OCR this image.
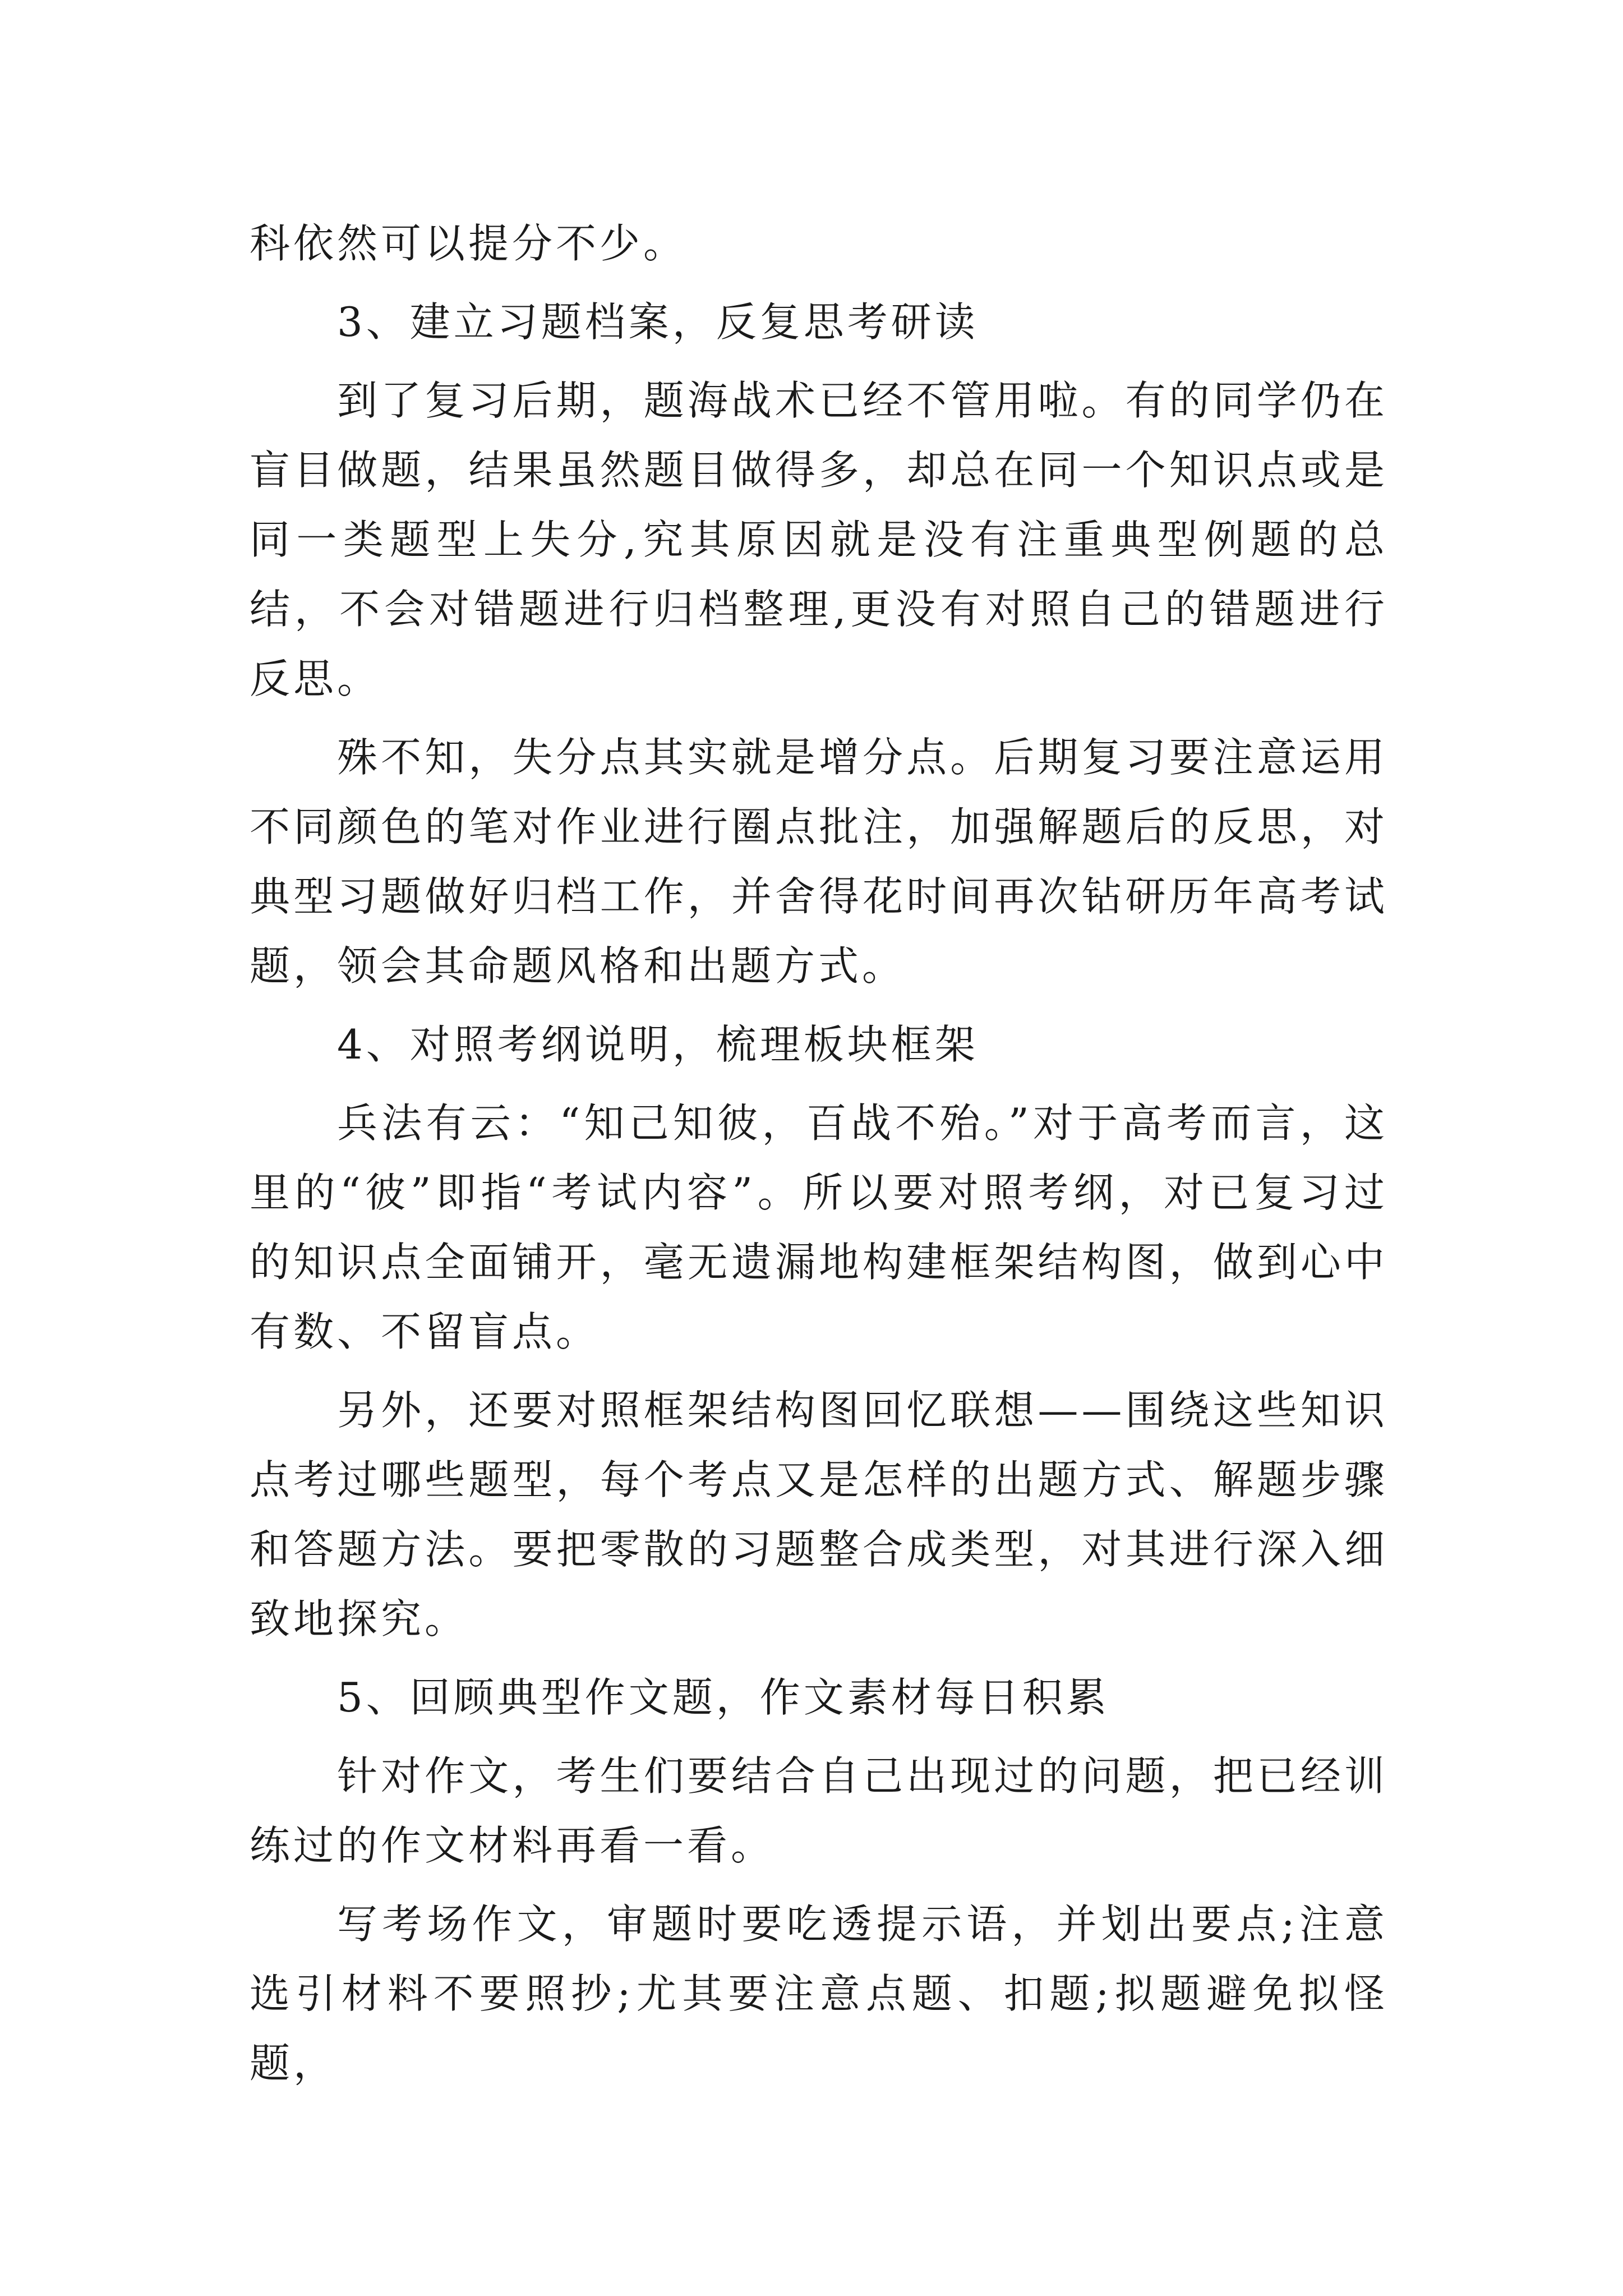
科依然可以提分不少。

3、建立习题档案，反复思考研读

到了复习后期，题海战术已经不管用啦。有的同学仍在盲目做题，结果虽然题目做得多，却总在同一个知识点或是同一类题型上失分,究其原因就是没有注重典型例题的总结，不会对错题进行归档整理,更没有对照自己的错题进行反思。

殊不知，失分点其实就是增分点。后期复习要注意运用不同颜色的笔对作业进行圈点批注，加强解题后的反思，对典型习题做好归档工作，并舍得花时间再次钻研历年高考试题，领会其命题风格和出题方式。

4、对照考纲说明，梳理板块框架

兵法有云：“知己知彼，百战不殆。”对于高考而言，这里的“彼”即指“考试内容”。所以要对照考纲，对已复习过的知识点全面铺开，毫无遗漏地构建框架结构图，做到心中有数、不留盲点。

另外，还要对照框架结构图回忆联想——围绕这些知识点考过哪些题型，每个考点又是怎样的出题方式、解题步骤和答题方法。要把零散的习题整合成类型，对其进行深入细致地探究。

5、回顾典型作文题，作文素材每日积累

针对作文，考生们要结合自己出现过的问题，把已经训练过的作文材料再看一看。

写考场作文，审题时要吃透提示语，并划出要点;注意选引材料不要照抄;尤其要注意点题、扣题;拟题避免拟怪题，
